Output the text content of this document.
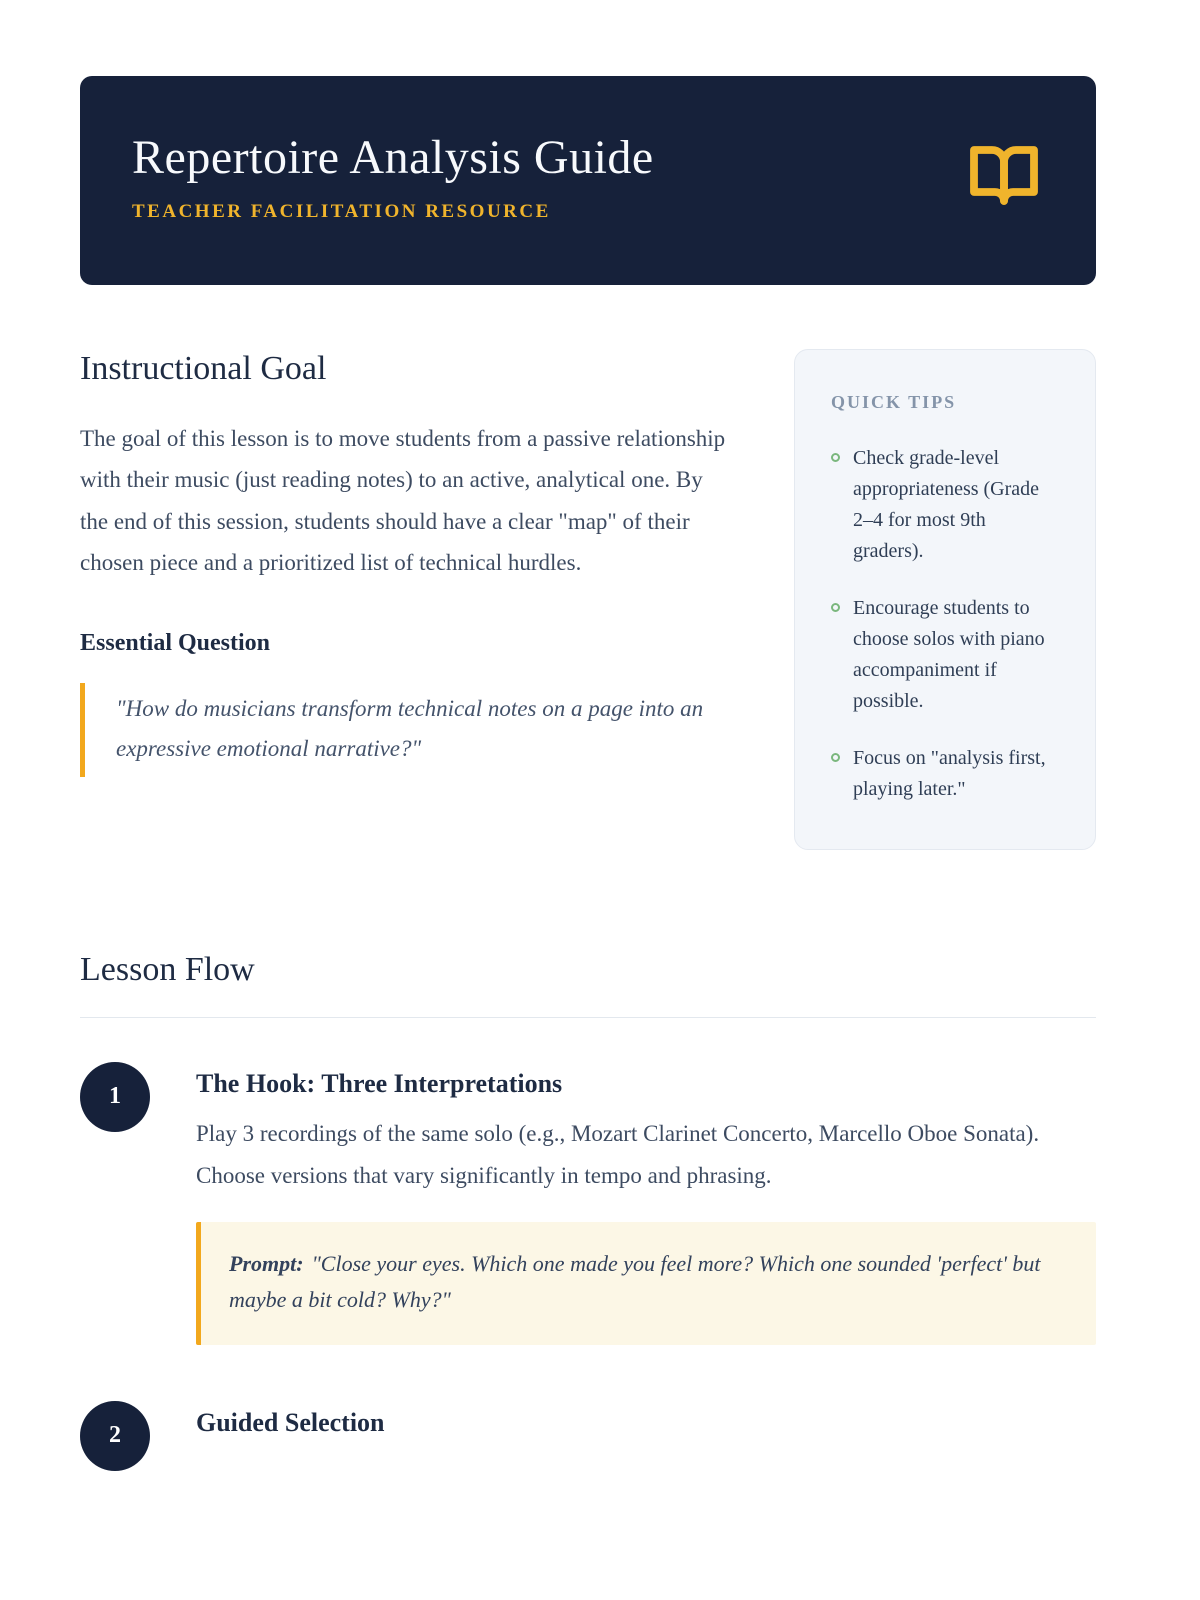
Repertoire Analysis Guide
TEACHER FACILITATION RESOURCE
Instructional Goal

The goal of this lesson is to move students from a passive relationship with their music (just reading notes) to an active, analytical one. By the end of this session, students should have a clear "map" of their chosen piece and a prioritized list of technical hurdles.

Essential Question
"How do musicians transform technical notes on a page into an expressive emotional narrative?"
QUICK TIPS
Check grade-level appropriateness (Grade 2–4 for most 9th graders).
Encourage students to choose solos with piano accompaniment if possible.
Focus on "analysis first, playing later."
Lesson Flow
1	The Hook: Three Interpretations

Play 3 recordings of the same solo (e.g., Mozart Clarinet Concerto, Marcello Oboe Sonata). Choose versions that vary significantly in tempo and phrasing.

Prompt: "Close your eyes. Which one made you feel more? Which one sounded 'perfect' but maybe a bit cold? Why?"
2	Guided Selection
